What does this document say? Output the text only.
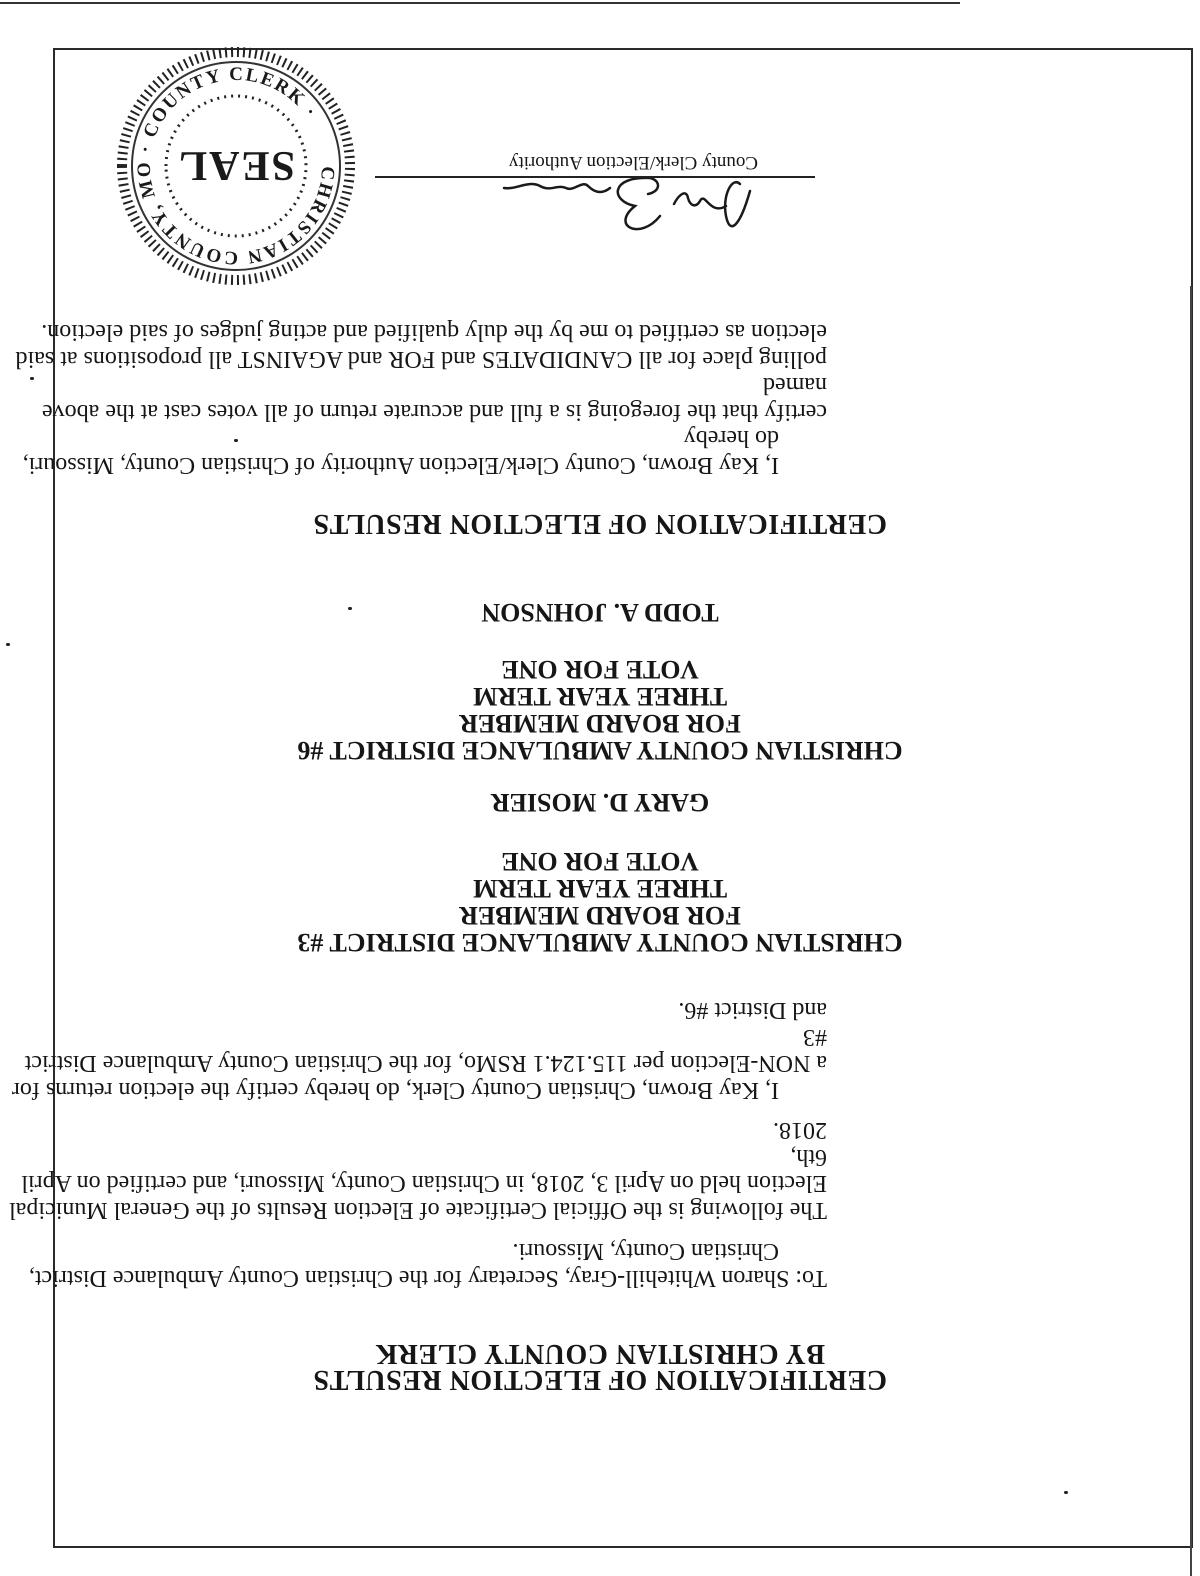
CERTIFICATION OF ELECTION RESULTS
BY CHRISTIAN COUNTY CLERK
To: Sharon Whitehill-Gray, Secretary for the Christian County Ambulance District,
Christian County, Missouri.
The following is the Official Certificate of Election Results of the General Municipal
Election held on April 3, 2018, in Christian County, Missouri, and certified on April 6th,
2018.
I, Kay Brown, Christian County Clerk, do hereby certify the election returns for
a NON-Election per 115.124.1 RSMo, for the Christian County Ambulance District #3
and District #6.
CHRISTIAN COUNTY AMBULANCE DISTRICT #3
FOR BOARD MEMBER
THREE YEAR TERM
VOTE FOR ONE
GARY D. MOSIER
CHRISTIAN COUNTY AMBULANCE DISTRICT #6
FOR BOARD MEMBER
THREE YEAR TERM
VOTE FOR ONE
TODD A. JOHNSON
CERTIFICATION OF ELECTION RESULTS
I, Kay Brown, County Clerk/Election Authority of Christian County, Missouri, do hereby
certify that the foregoing is a full and accurate return of all votes cast at the above named
polling place for all CANDIDATES and FOR and AGAINST all propositions at said
election as certified to me by the duly qualified and acting judges of said election.
County Clerk/Election Authority
CHRISTIAN COUNTY, MO · COUNTY CLERK ·
SEAL
